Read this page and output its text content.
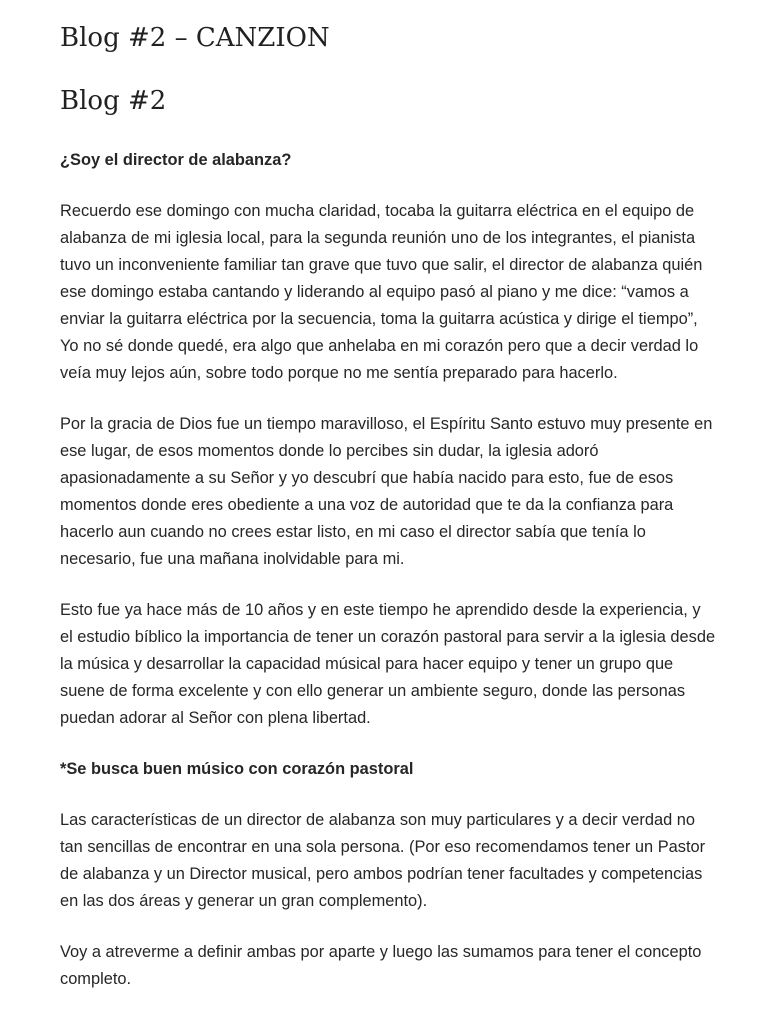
Blog #2 – CANZION
Blog #2

¿Soy el director de alabanza?

Recuerdo ese domingo con mucha claridad, tocaba la guitarra eléctrica en el equipo de alabanza de mi iglesia local, para la segunda reunión uno de los integrantes, el pianista tuvo un inconveniente familiar tan grave que tuvo que salir, el director de alabanza quién ese domingo estaba cantando y liderando al equipo pasó al piano y me dice: “vamos a enviar la guitarra eléctrica por la secuencia, toma la guitarra acústica y dirige el tiempo”, Yo no sé donde quedé, era algo que anhelaba en mi corazón pero que a decir verdad lo veía muy lejos aún, sobre todo porque no me sentía preparado para hacerlo.

Por la gracia de Dios fue un tiempo maravilloso, el Espíritu Santo estuvo muy presente en ese lugar, de esos momentos donde lo percibes sin dudar, la iglesia adoró apasionadamente a su Señor y yo descubrí que había nacido para esto, fue de esos momentos donde eres obediente a una voz de autoridad que te da la confianza para hacerlo aun cuando no crees estar listo, en mi caso el director sabía que tenía lo necesario, fue una mañana inolvidable para mi.

Esto fue ya hace más de 10 años y en este tiempo he aprendido desde la experiencia, y el estudio bíblico la importancia de tener un corazón pastoral para servir a la iglesia desde la música y desarrollar la capacidad músical para hacer equipo y tener un grupo que suene de forma excelente y con ello generar un ambiente seguro, donde las personas puedan adorar al Señor con plena libertad.

*Se busca buen músico con corazón pastoral

Las características de un director de alabanza son muy particulares y a decir verdad no tan sencillas de encontrar en una sola persona. (Por eso recomendamos tener un Pastor de alabanza y un Director musical, pero ambos podrían tener facultades y competencias en las dos áreas y generar un gran complemento).

Voy a atreverme a definir ambas por aparte y luego las sumamos para tener el concepto completo.
